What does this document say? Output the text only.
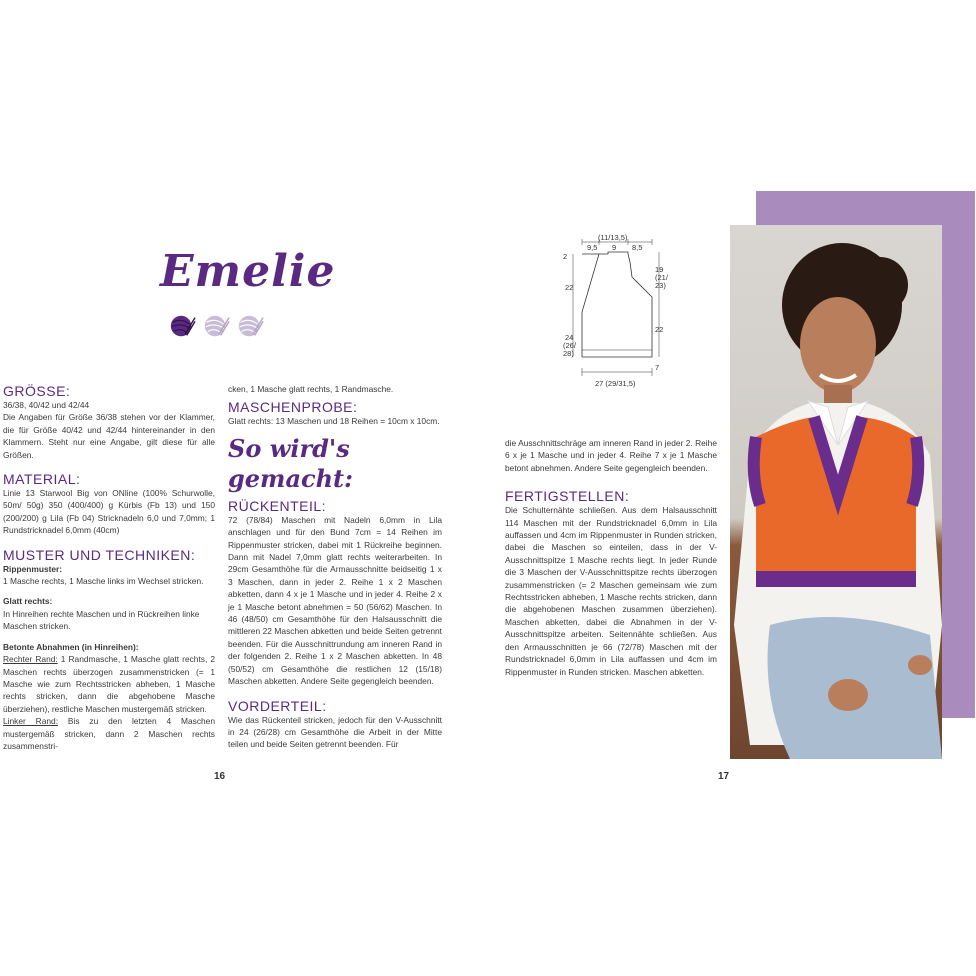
Emelie
GRÖSSE:

36/38, 40/42 und 42/44

Die Angaben für Größe 36/38 stehen vor der Klammer, die für Größe 40/42 und 42/44 hintereinander in den Klammern. Steht nur eine Angabe, gilt diese für alle Größen.

MATERIAL:

Linie 13 Starwool Big von ONline (100% Schurwolle, 50m/ 50g) 350 (400/400) g Kürbis (Fb 13) und 150 (200/200) g Lila (Fb 04) Stricknadeln 6,0 und 7,0mm; 1 Rundstricknadel 6,0mm (40cm)

MUSTER UND TECHNIKEN:

Rippenmuster:

1 Masche rechts, 1 Masche links im Wechsel stricken.

Glatt rechts:

In Hinreihen rechte Maschen und in Rückreihen linke Maschen stricken.

Betonte Abnahmen (in Hinreihen):

Rechter Rand: 1 Randmasche, 1 Masche glatt rechts, 2 Maschen rechts überzogen zusammenstricken (= 1 Masche wie zum Rechtsstricken abheben, 1 Masche rechts stricken, dann die abgehobene Masche überziehen), restliche Maschen mustergemäß stricken.

Linker Rand: Bis zu den letzten 4 Maschen mustergemäß stricken, dann 2 Maschen rechts zusammenstri-

cken, 1 Masche glatt rechts, 1 Randmasche.

MASCHENPROBE:

Glatt rechts: 13 Maschen und 18 Reihen = 10cm x 10cm.

So wird's gemacht:
RÜCKENTEIL:

72 (78/84) Maschen mit Nadeln 6,0mm in Lila anschlagen und für den Bund 7cm = 14 Reihen im Rippenmuster stricken, dabei mit 1 Rückreihe beginnen. Dann mit Nadel 7,0mm glatt rechts weiterarbeiten. In 29cm Gesamthöhe für die Armausschnitte beidseitig 1 x 3 Maschen, dann in jeder 2. Reihe 1 x 2 Maschen abketten, dann 4 x je 1 Masche und in jeder 4. Reihe 2 x je 1 Masche betont abnehmen = 50 (56/62) Maschen. In 46 (48/50) cm Gesamthöhe für den Halsausschnitt die mittleren 22 Maschen abketten und beide Seiten getrennt beenden. Für die Ausschnittrundung am inneren Rand in der folgenden 2. Reihe 1 x 2 Maschen abketten. In 48 (50/52) cm Gesamthöhe die restlichen 12 (15/18) Maschen abketten. Andere Seite gegengleich beenden.

VORDERTEIL:

Wie das Rückenteil stricken, jedoch für den V-Ausschnitt in 24 (26/28) cm Gesamthöhe die Arbeit in der Mitte teilen und beide Seiten getrennt beenden. Für

16
(11/13,5)
9,5 9 8,5
2
22
24
(26/
28)
19
(21/
23)
22
7
27 (29/31,5)

die Ausschnittschräge am inneren Rand in jeder 2. Reihe 6 x je 1 Masche und in jeder 4. Reihe 7 x je 1 Masche betont abnehmen. Andere Seite gegengleich beenden.

FERTIGSTELLEN:

Die Schulternähte schließen. Aus dem Halsausschnitt 114 Maschen mit der Rundstricknadel 6,0mm in Lila auffassen und 4cm im Rippenmuster in Runden stricken, dabei die Maschen so einteilen, dass in der V-Ausschnittspitze 1 Masche rechts liegt. In jeder Runde die 3 Maschen der V-Ausschnittspitze rechts überzogen zusammenstricken (= 2 Maschen gemeinsam wie zum Rechtsstricken abheben, 1 Masche rechts stricken, dann die abgehobenen Maschen zusammen überziehen). Maschen abketten, dabei die Abnahmen in der V-Ausschnittspitze arbeiten. Seitennähte schließen. Aus den Armausschnitten je 66 (72/78) Maschen mit der Rundstricknadel 6,0mm in Lila auffassen und 4cm im Rippenmuster in Runden stricken. Maschen abketten.

17
